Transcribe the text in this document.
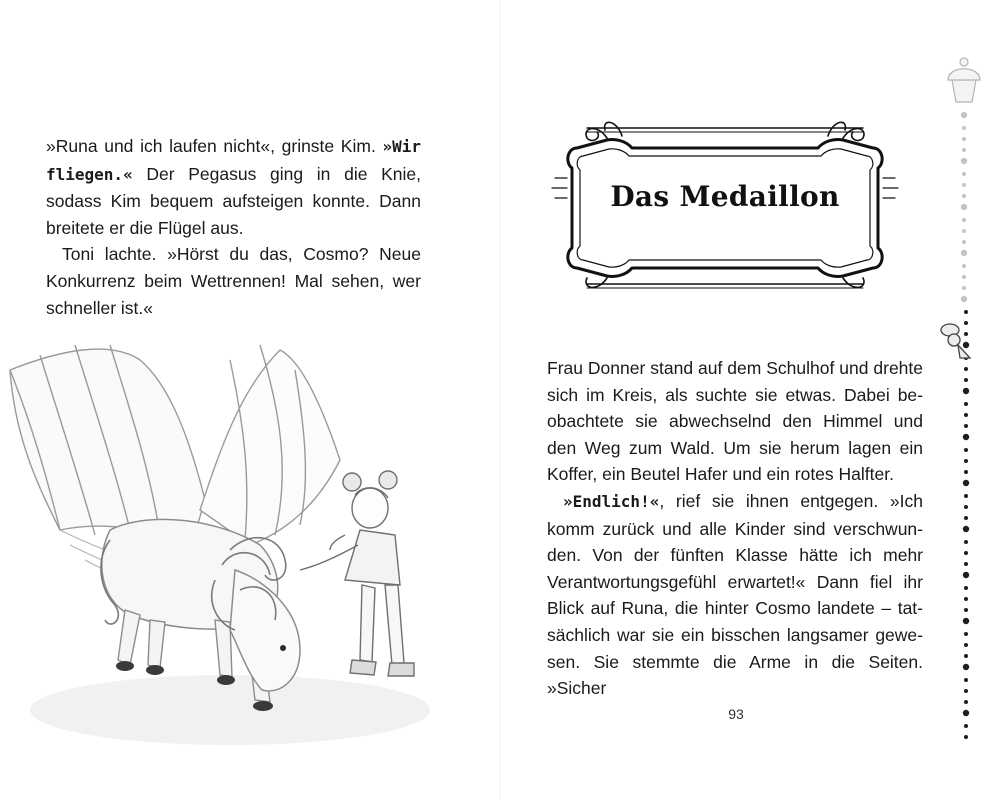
»Runa und ich laufen nicht«, grinste Kim. »Wir fliegen.« Der Pegasus ging in die Knie, sodass Kim bequem aufsteigen konnte. Dann breitete er die Flügel aus.

Toni lachte. »Hörst du das, Cosmo? Neue Konkurrenz beim Wettrennen! Mal sehen, wer schneller ist.«

Das Medaillon

Frau Donner stand auf dem Schulhof und drehte sich im Kreis, als suchte sie etwas. Dabei beobachtete sie abwechselnd den Himmel und den Weg zum Wald. Um sie herum lagen ein Koffer, ein Beutel Hafer und ein rotes Halfter.

»Endlich!«, rief sie ihnen entgegen. »Ich komm zurück und alle Kinder sind verschwunden. Von der fünften Klasse hätte ich mehr Verantwortungsgefühl erwartet!« Dann fiel ihr Blick auf Runa, die hinter Cosmo landete – tatsächlich war sie ein bisschen langsamer gewesen. Sie stemmte die Arme in die Seiten. »Sicher

93
